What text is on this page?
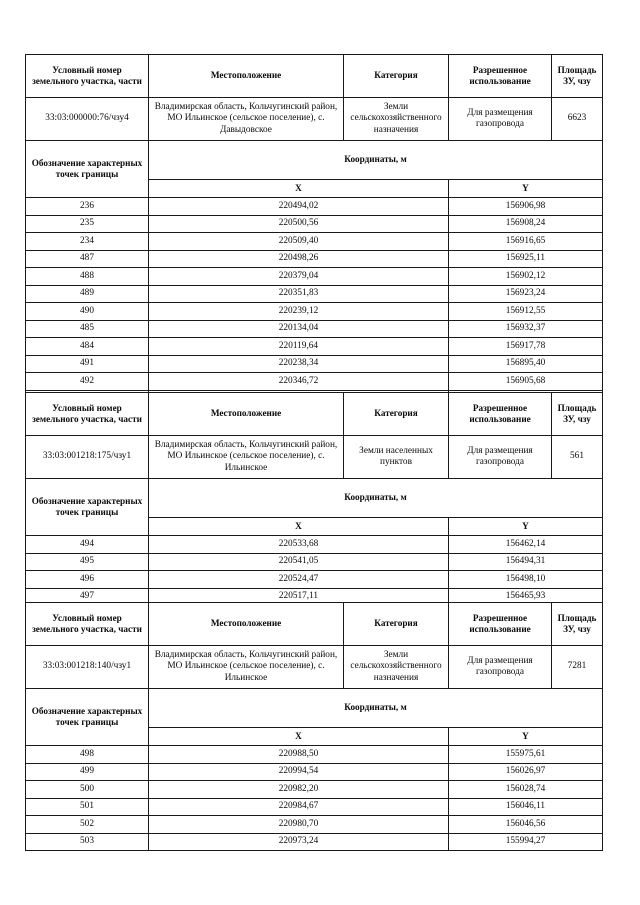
Условный номер земельного участка, части	Местоположение	Категория	Разрешенное использование	Площадь ЗУ, чзу
33:03:000000:76/чзу4	Владимирская область, Кольчугинский район, МО Ильинское (сельское поселение), с. Давыдовское	Земли сельскохозяйственного назначения	Для размещения газопровода	6623
Обозначение характерных точек границы	Координаты, м			
	X		Y	
236	220494,02		156906,98	
235	220500,56		156908,24	
234	220509,40		156916,65	
487	220498,26		156925,11	
488	220379,04		156902,12	
489	220351,83		156923,24	
490	220239,12		156912,55	
485	220134,04		156932,37	
484	220119,64		156917,78	
491	220238,34		156895,40	
492	220346,72		156905,68	

Условный номер земельного участка, части	Местоположение	Категория	Разрешенное использование	Площадь ЗУ, чзу
33:03:001218:175/чзу1	Владимирская область, Кольчугинский район, МО Ильинское (сельское поселение), с. Ильинское	Земли населенных пунктов	Для размещения газопровода	561
Обозначение характерных точек границы	Координаты, м			
	X		Y	
494	220533,68		156462,14	
495	220541,05		156494,31	
496	220524,47		156498,10	
497	220517,11		156465,93	
Условный номер земельного участка, части	Местоположение	Категория	Разрешенное использование	Площадь ЗУ, чзу
33:03:001218:140/чзу1	Владимирская область, Кольчугинский район, МО Ильинское (сельское поселение), с. Ильинское	Земли сельскохозяйственного назначения	Для размещения газопровода	7281
Обозначение характерных точек границы	Координаты, м			
	X		Y	
498	220988,50		155975,61	
499	220994,54		156026,97	
500	220982,20		156028,74	
501	220984,67		156046,11	
502	220980,70		156046,56	
503	220973,24		155994,27	
